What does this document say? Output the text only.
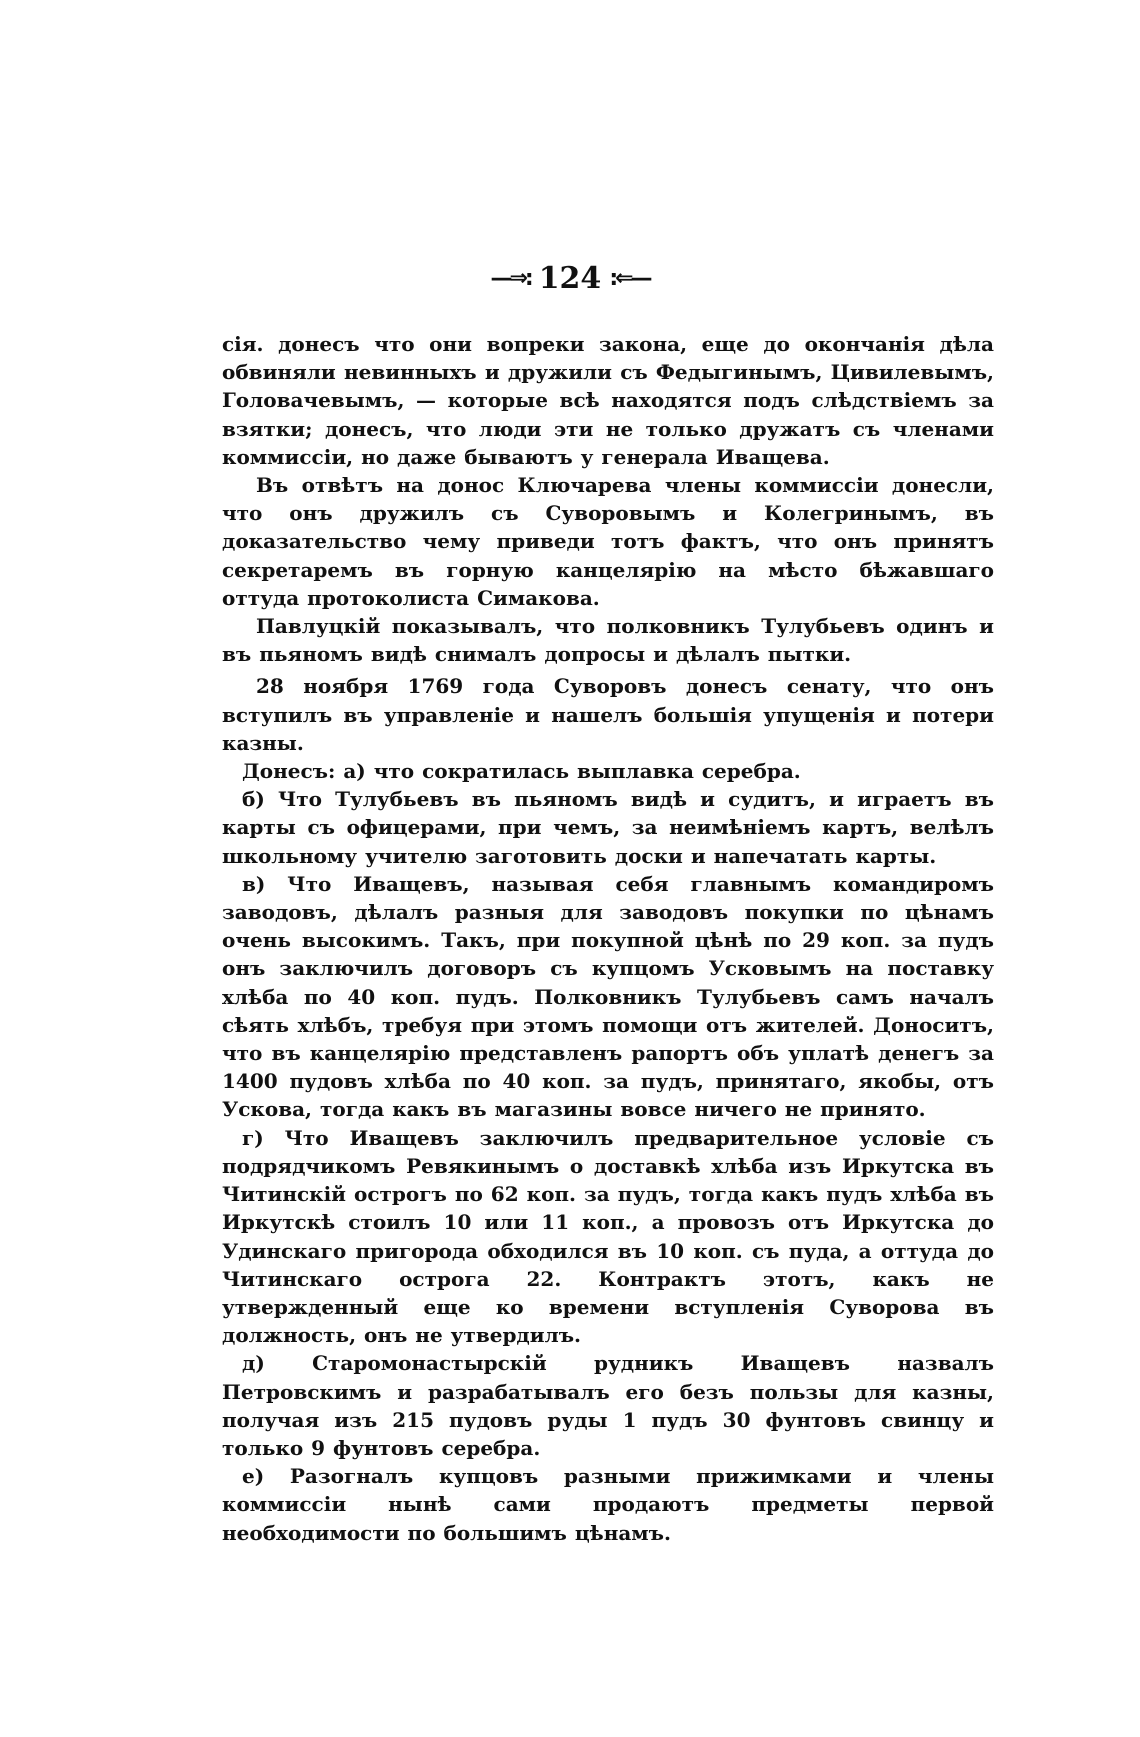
—⇒: 124 :⇐—

сія. донесъ что они вопреки закона, еще до окончанія дѣла обвиняли невинныхъ и дружили съ Федыгинымъ, Цивилевымъ, Головачевымъ, — которые всѣ находятся подъ слѣдствіемъ за взятки; донесъ, что люди эти не только дружатъ съ членами коммиссіи, но даже бываютъ у генерала Иващева.

Въ отвѣтъ на донос Ключарева члены коммиссіи донесли, что онъ дружилъ съ Суворовымъ и Колегринымъ, въ доказательство чему приведи тотъ фактъ, что онъ принятъ секретаремъ въ горную канцелярію на мѣсто бѣжавшаго оттуда протоколиста Симакова.

Павлуцкій показывалъ, что полковникъ Тулубьевъ одинъ и въ пьяномъ видѣ снималъ допросы и дѣлалъ пытки.

28 ноября 1769 года Суворовъ донесъ сенату, что онъ вступилъ въ управленіе и нашелъ большія упущенія и потери казны.

Донесъ: а) что сократилась выплавка серебра.

б) Что Тулубьевъ въ пьяномъ видѣ и судитъ, и играетъ въ карты съ офицерами, при чемъ, за неимѣніемъ картъ, велѣлъ школьному учителю заготовить доски и напечатать карты.

в) Что Иващевъ, называя себя главнымъ командиромъ заводовъ, дѣлалъ разныя для заводовъ покупки по цѣнамъ очень высокимъ. Такъ, при покупной цѣнѣ по 29 коп. за пудъ онъ заключилъ договоръ съ купцомъ Усковымъ на поставку хлѣба по 40 коп. пудъ. Полковникъ Тулубьевъ самъ началъ сѣять хлѣбъ, требуя при этомъ помощи отъ жителей. Доноситъ, что въ канцелярію представленъ рапортъ объ уплатѣ денегъ за 1400 пудовъ хлѣба по 40 коп. за пудъ, принятаго, якобы, отъ Ускова, тогда какъ въ магазины вовсе ничего не принято.

г) Что Иващевъ заключилъ предварительное условіе съ подрядчикомъ Ревякинымъ о доставкѣ хлѣба изъ Иркутска въ Читинскій острогъ по 62 коп. за пудъ, тогда какъ пудъ хлѣба въ Иркутскѣ стоилъ 10 или 11 коп., а провозъ отъ Иркутска до Удинскаго пригорода обходился въ 10 коп. съ пуда, а оттуда до Читинскаго острога 22. Контрактъ этотъ, какъ не утвержденный еще ко времени вступленія Суворова въ должность, онъ не утвердилъ.

д) Старомонастырскій рудникъ Иващевъ назвалъ Петровскимъ и разрабатывалъ его безъ пользы для казны, получая изъ 215 пудовъ руды 1 пудъ 30 фунтовъ свинцу и только 9 фунтовъ серебра.

е) Разогналъ купцовъ разными прижимками и члены коммиссіи нынѣ сами продаютъ предметы первой необходимости по большимъ цѣнамъ.
